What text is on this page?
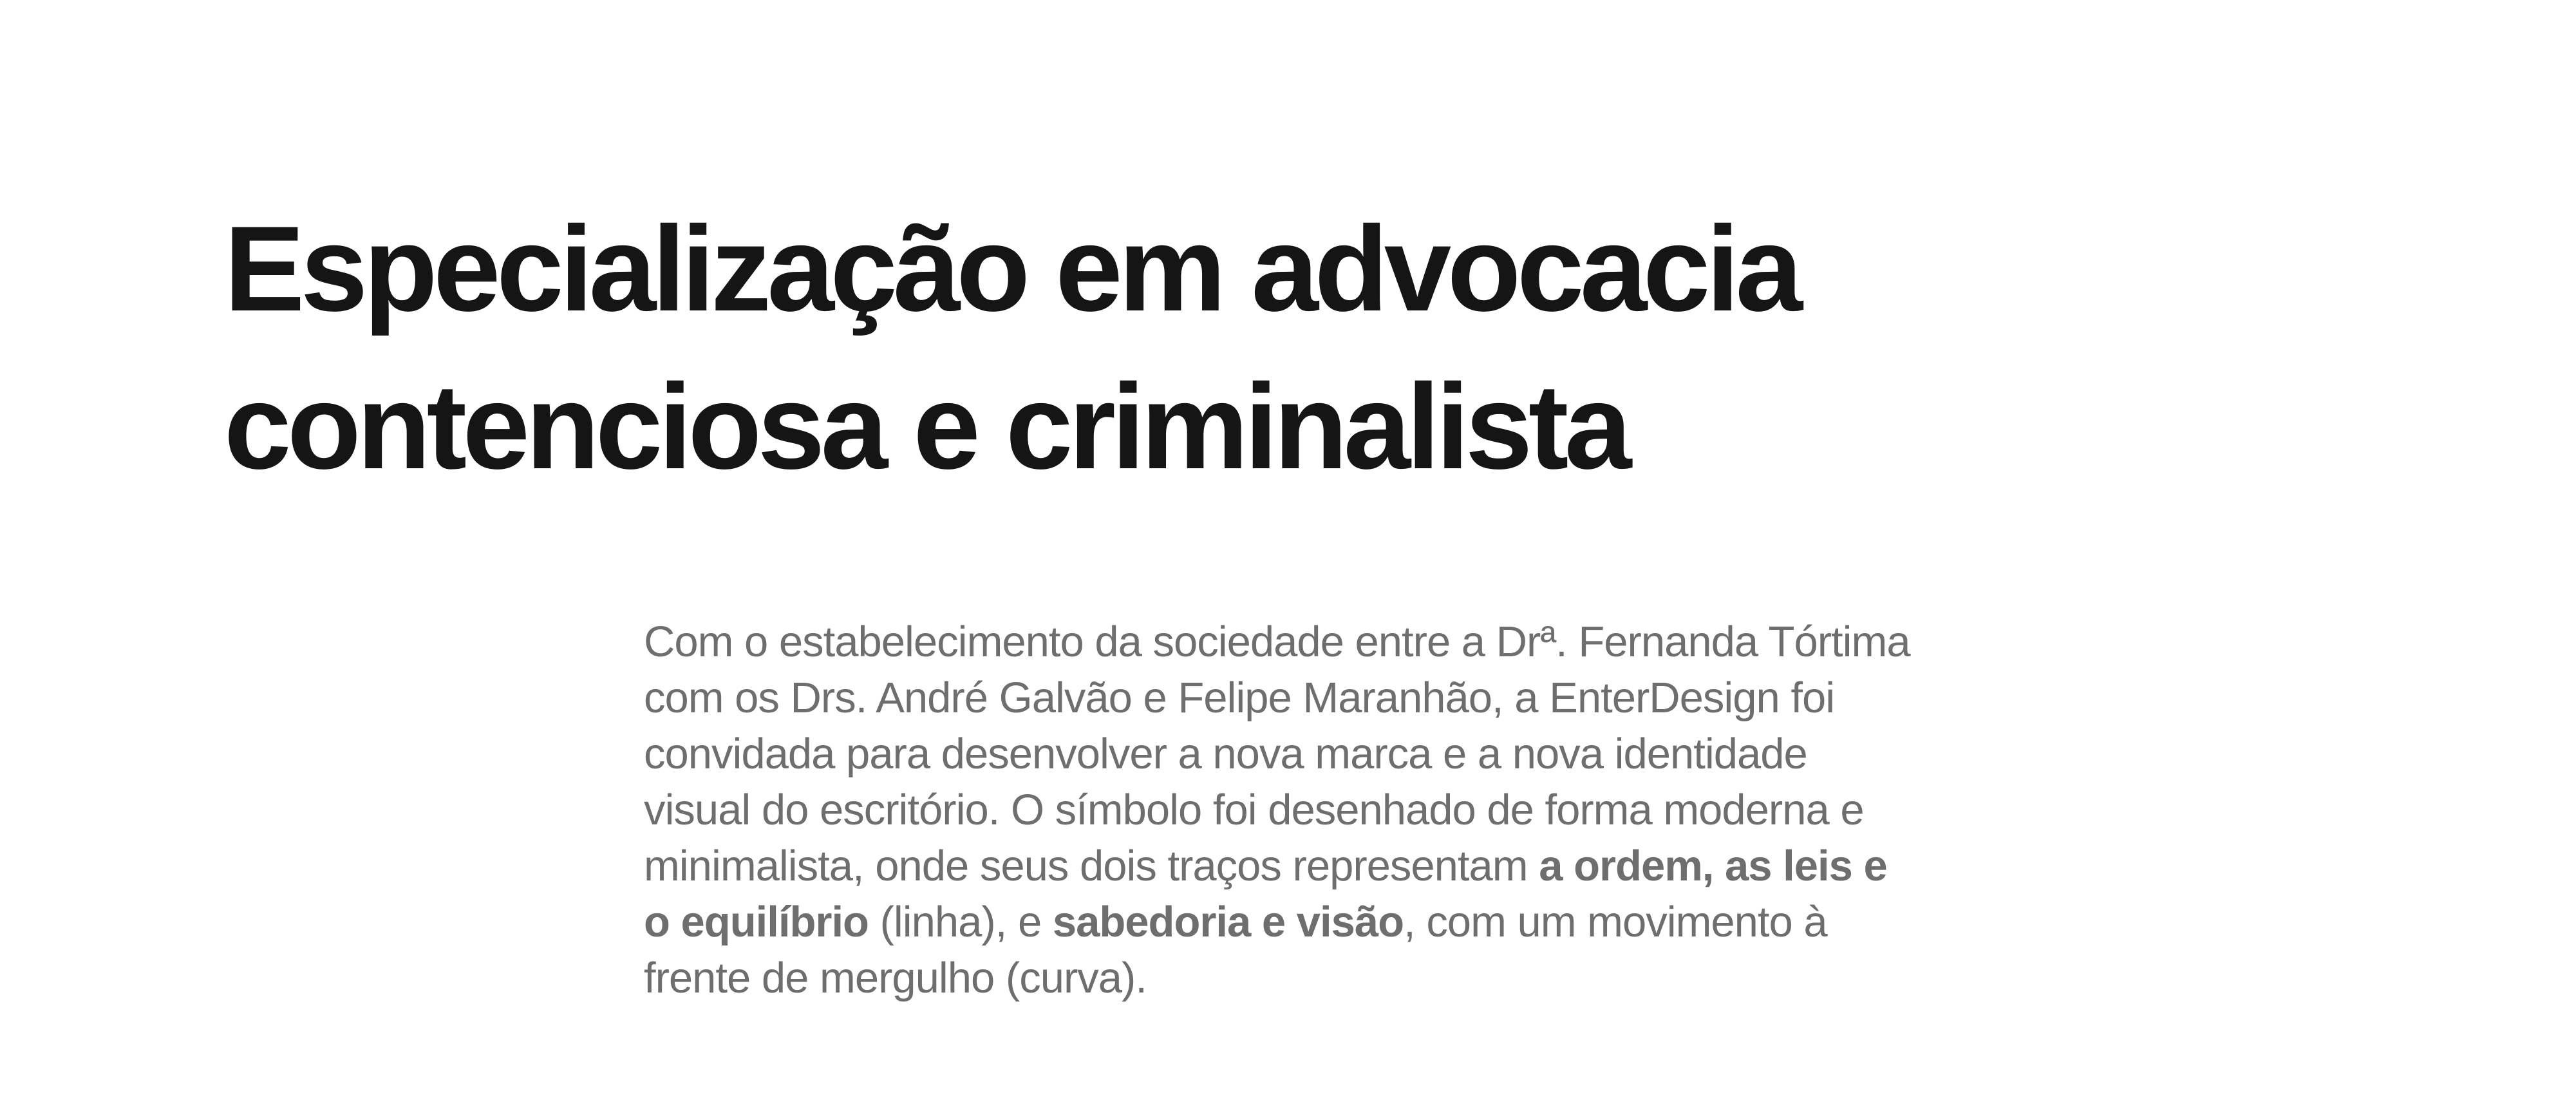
Especialização em advocacia
contenciosa e criminalista
Com o estabelecimento da sociedade entre a Drª. Fernanda Tórtima
com os Drs. André Galvão e Felipe Maranhão, a EnterDesign foi
convidada para desenvolver a nova marca e a nova identidade
visual do escritório. O símbolo foi desenhado de forma moderna e
minimalista, onde seus dois traços representam a ordem, as leis e
o equilíbrio (linha), e sabedoria e visão, com um movimento à
frente de mergulho (curva).
